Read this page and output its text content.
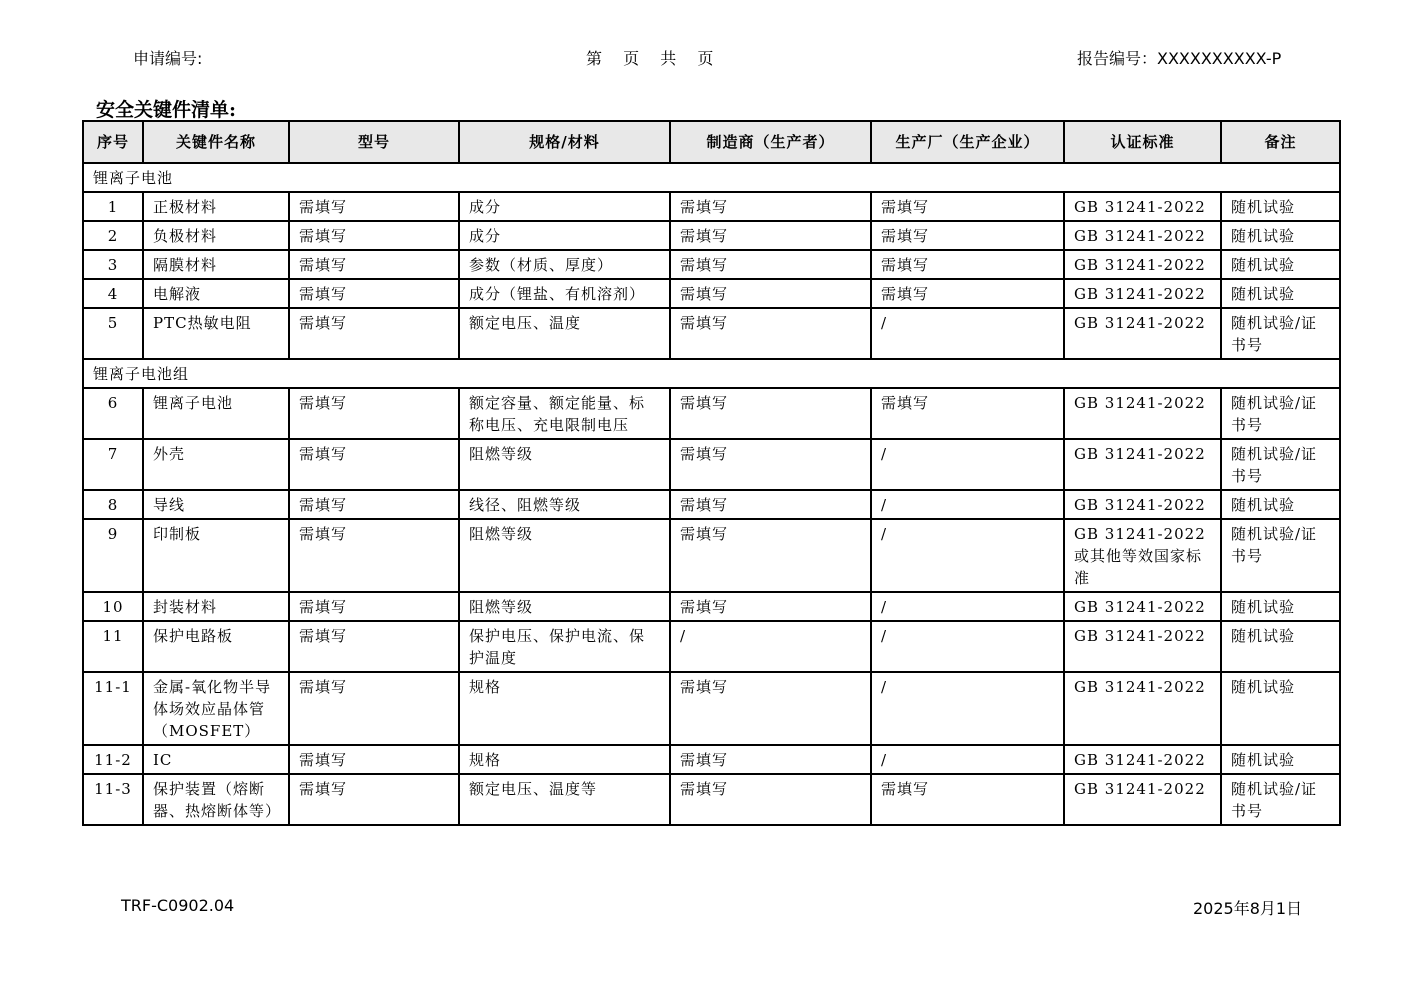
申请编号:	第 页 共 页	报告编号：XXXXXXXXXX-P
安全关键件清单:
序号	关键件名称	型号	规格/材料	制造商（生产者）	生产厂（生产企业）	认证标准	备注
锂离子电池							
1	正极材料	需填写	成分	需填写	需填写	GB 31241-2022	随机试验
2	负极材料	需填写	成分	需填写	需填写	GB 31241-2022	随机试验
3	隔膜材料	需填写	参数（材质、厚度）	需填写	需填写	GB 31241-2022	随机试验
4	电解液	需填写	成分（锂盐、有机溶剂）	需填写	需填写	GB 31241-2022	随机试验
5	PTC热敏电阻	需填写	额定电压、温度	需填写	/	GB 31241-2022	随机试验/证书号
锂离子电池组							
6	锂离子电池	需填写	额定容量、额定能量、标称电压、充电限制电压	需填写	需填写	GB 31241-2022	随机试验/证书号
7	外壳	需填写	阻燃等级	需填写	/	GB 31241-2022	随机试验/证书号
8	导线	需填写	线径、阻燃等级	需填写	/	GB 31241-2022	随机试验
9	印制板	需填写	阻燃等级	需填写	/	GB 31241-2022或其他等效国家标准	随机试验/证书号
10	封装材料	需填写	阻燃等级	需填写	/	GB 31241-2022	随机试验
11	保护电路板	需填写	保护电压、保护电流、保护温度	/	/	GB 31241-2022	随机试验
11-1	金属-氧化物半导体场效应晶体管（MOSFET）	需填写	规格	需填写	/	GB 31241-2022	随机试验
11-2	IC	需填写	规格	需填写	/	GB 31241-2022	随机试验
11-3	保护装置（熔断器、热熔断体等）	需填写	额定电压、温度等	需填写	需填写	GB 31241-2022	随机试验/证书号
TRF-C0902.04	2025年8月1日
